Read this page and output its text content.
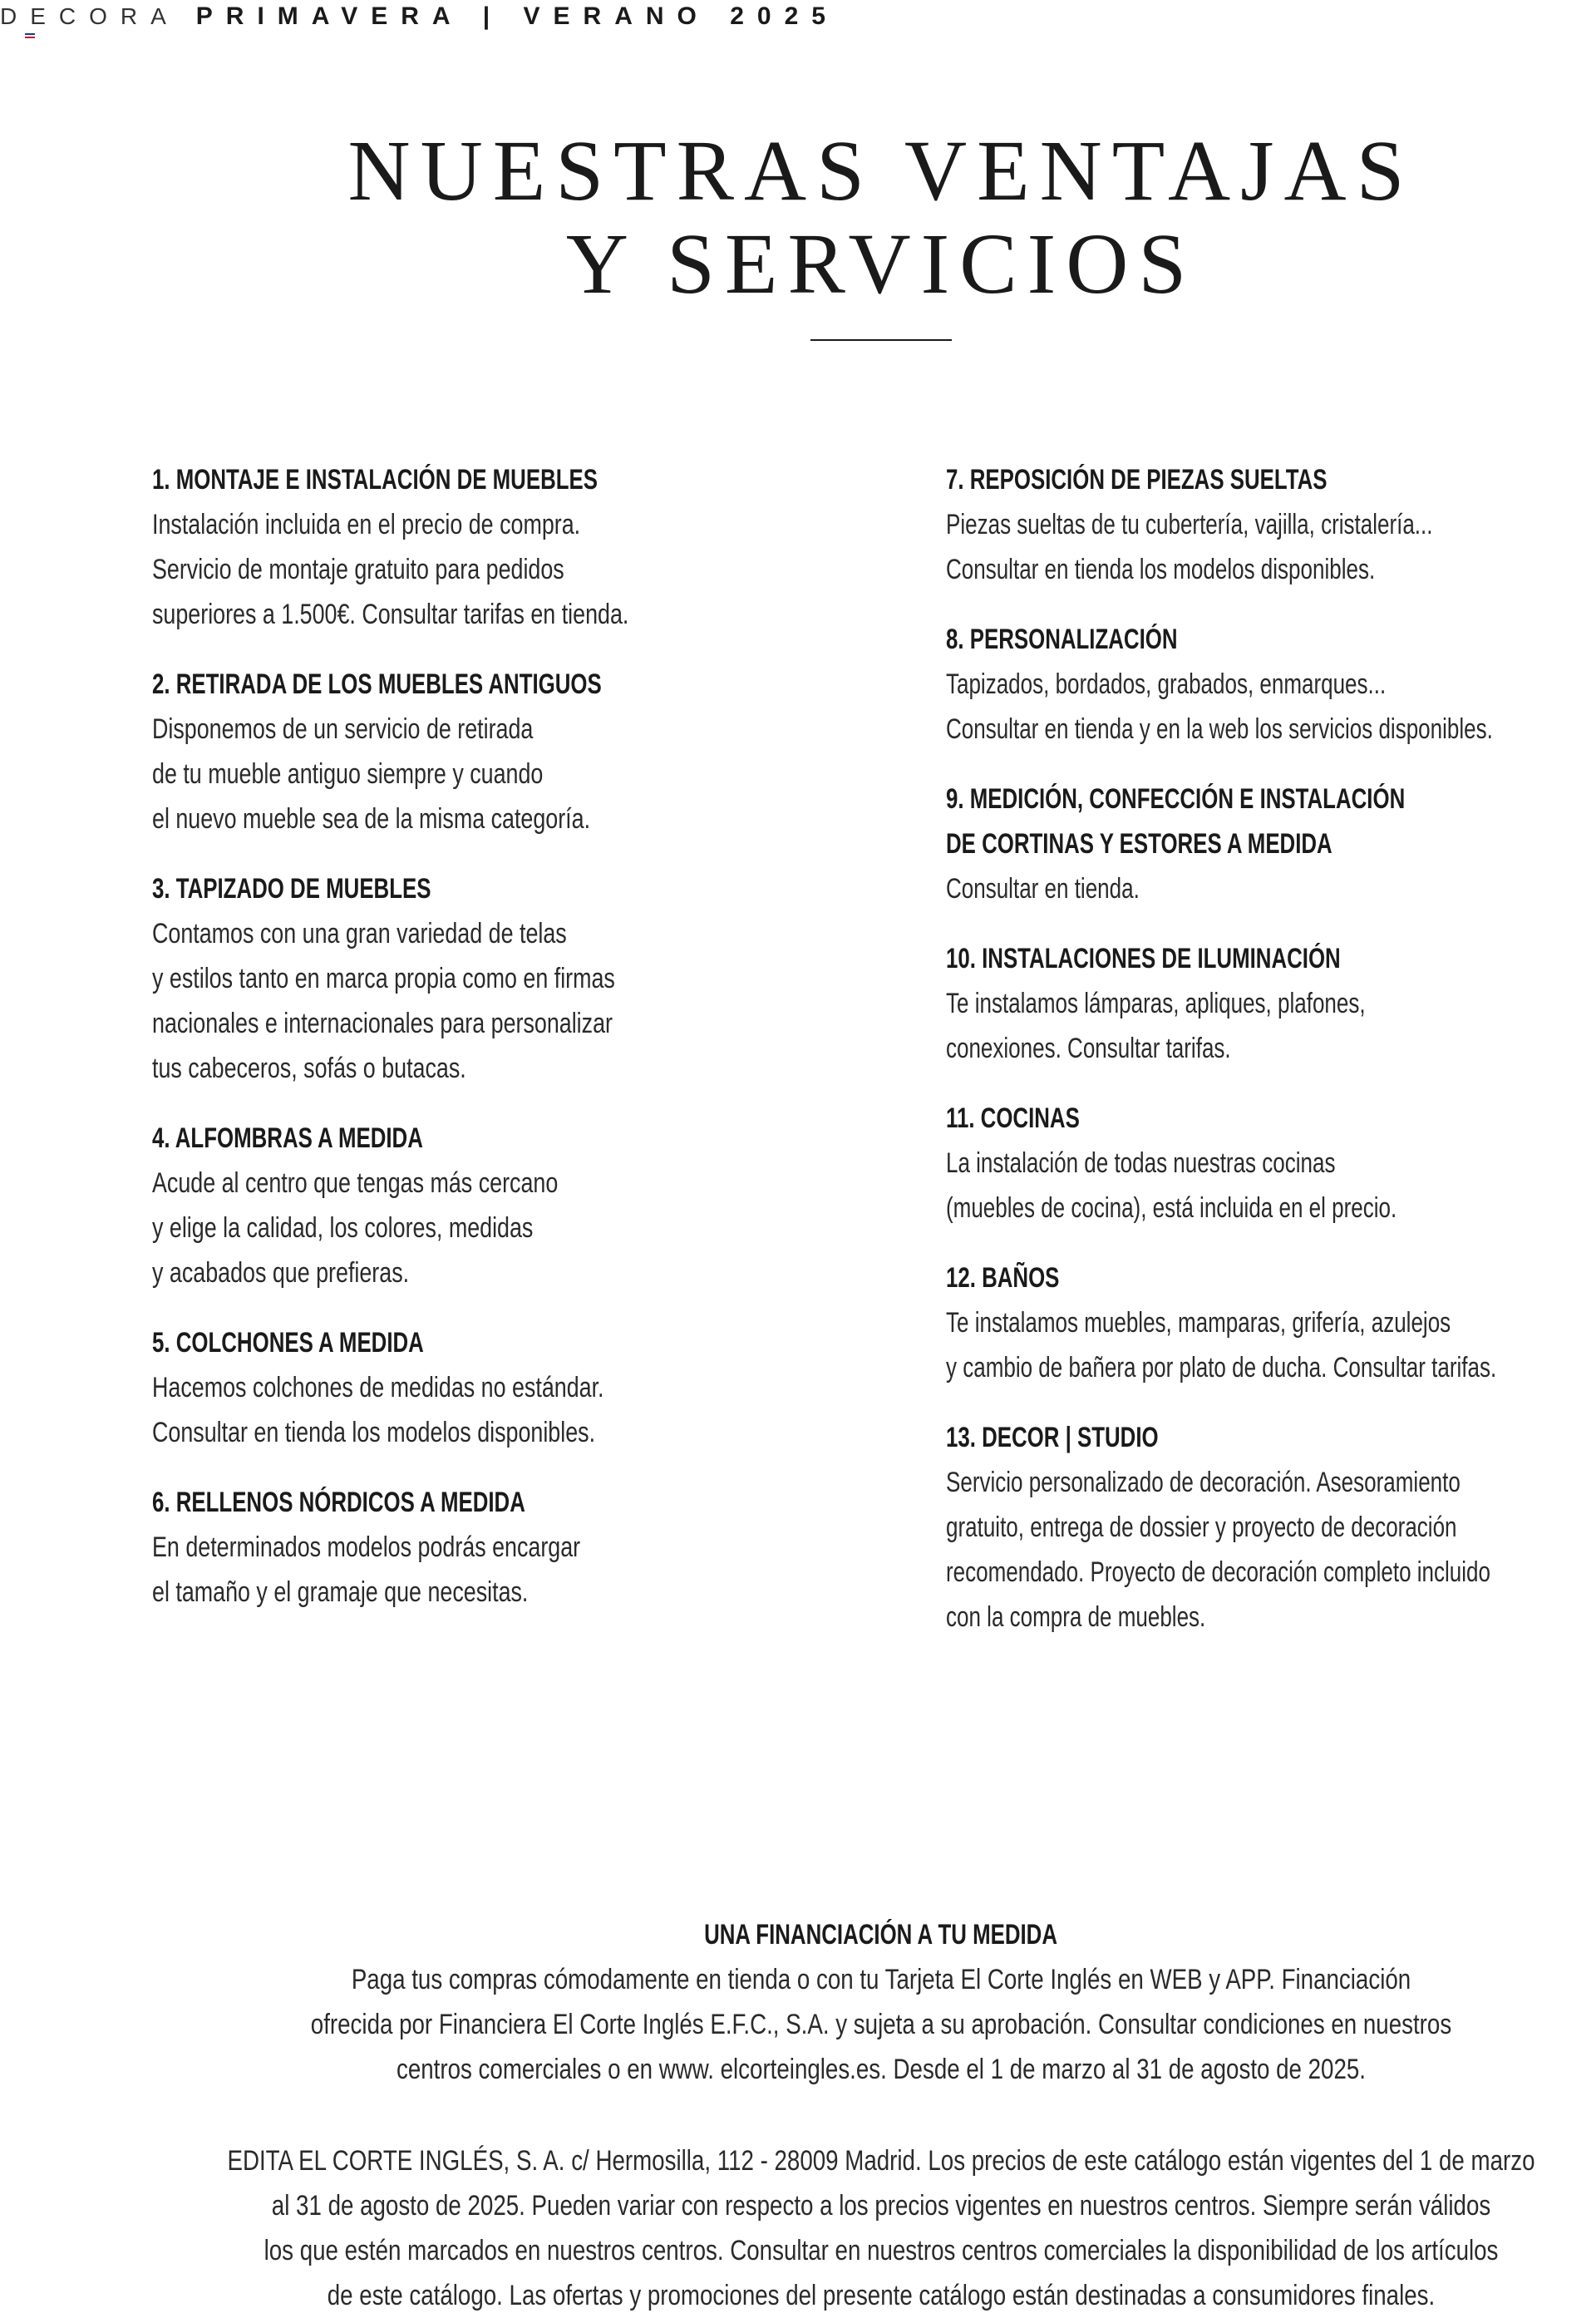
DECORA PRIMAVERA | VERANO 2025
NUESTRAS VENTAJAS
Y SERVICIOS
1. MONTAJE E INSTALACIÓN DE MUEBLES
Instalación incluida en el precio de compra.
Servicio de montaje gratuito para pedidos
superiores a 1.500€. Consultar tarifas en tienda.
2. RETIRADA DE LOS MUEBLES ANTIGUOS
Disponemos de un servicio de retirada
de tu mueble antiguo siempre y cuando
el nuevo mueble sea de la misma categoría.
3. TAPIZADO DE MUEBLES
Contamos con una gran variedad de telas
y estilos tanto en marca propia como en firmas
nacionales e internacionales para personalizar
tus cabeceros, sofás o butacas.
4. ALFOMBRAS A MEDIDA
Acude al centro que tengas más cercano
y elige la calidad, los colores, medidas
y acabados que prefieras.
5. COLCHONES A MEDIDA
Hacemos colchones de medidas no estándar.
Consultar en tienda los modelos disponibles.
6. RELLENOS NÓRDICOS A MEDIDA
En determinados modelos podrás encargar
el tamaño y el gramaje que necesitas.
7. REPOSICIÓN DE PIEZAS SUELTAS
Piezas sueltas de tu cubertería, vajilla, cristalería...
Consultar en tienda los modelos disponibles.
8. PERSONALIZACIÓN
Tapizados, bordados, grabados, enmarques...
Consultar en tienda y en la web los servicios disponibles.
9. MEDICIÓN, CONFECCIÓN E INSTALACIÓN
DE CORTINAS Y ESTORES A MEDIDA
Consultar en tienda.
10. INSTALACIONES DE ILUMINACIÓN
Te instalamos lámparas, apliques, plafones,
conexiones. Consultar tarifas.
11. COCINAS
La instalación de todas nuestras cocinas
(muebles de cocina), está incluida en el precio.
12. BAÑOS
Te instalamos muebles, mamparas, grifería, azulejos
y cambio de bañera por plato de ducha. Consultar tarifas.
13. DECOR | STUDIO
Servicio personalizado de decoración. Asesoramiento
gratuito, entrega de dossier y proyecto de decoración
recomendado. Proyecto de decoración completo incluido
con la compra de muebles.
UNA FINANCIACIÓN A TU MEDIDA
Paga tus compras cómodamente en tienda o con tu Tarjeta El Corte Inglés en WEB y APP. Financiación
ofrecida por Financiera El Corte Inglés E.F.C., S.A. y sujeta a su aprobación. Consultar condiciones en nuestros
centros comerciales o en www. elcorteingles.es. Desde el 1 de marzo al 31 de agosto de 2025.
EDITA EL CORTE INGLÉS, S. A. c/ Hermosilla, 112 - 28009 Madrid. Los precios de este catálogo están vigentes del 1 de marzo
al 31 de agosto de 2025. Pueden variar con respecto a los precios vigentes en nuestros centros. Siempre serán válidos
los que estén marcados en nuestros centros. Consultar en nuestros centros comerciales la disponibilidad de los artículos
de este catálogo. Las ofertas y promociones del presente catálogo están destinadas a consumidores finales.
